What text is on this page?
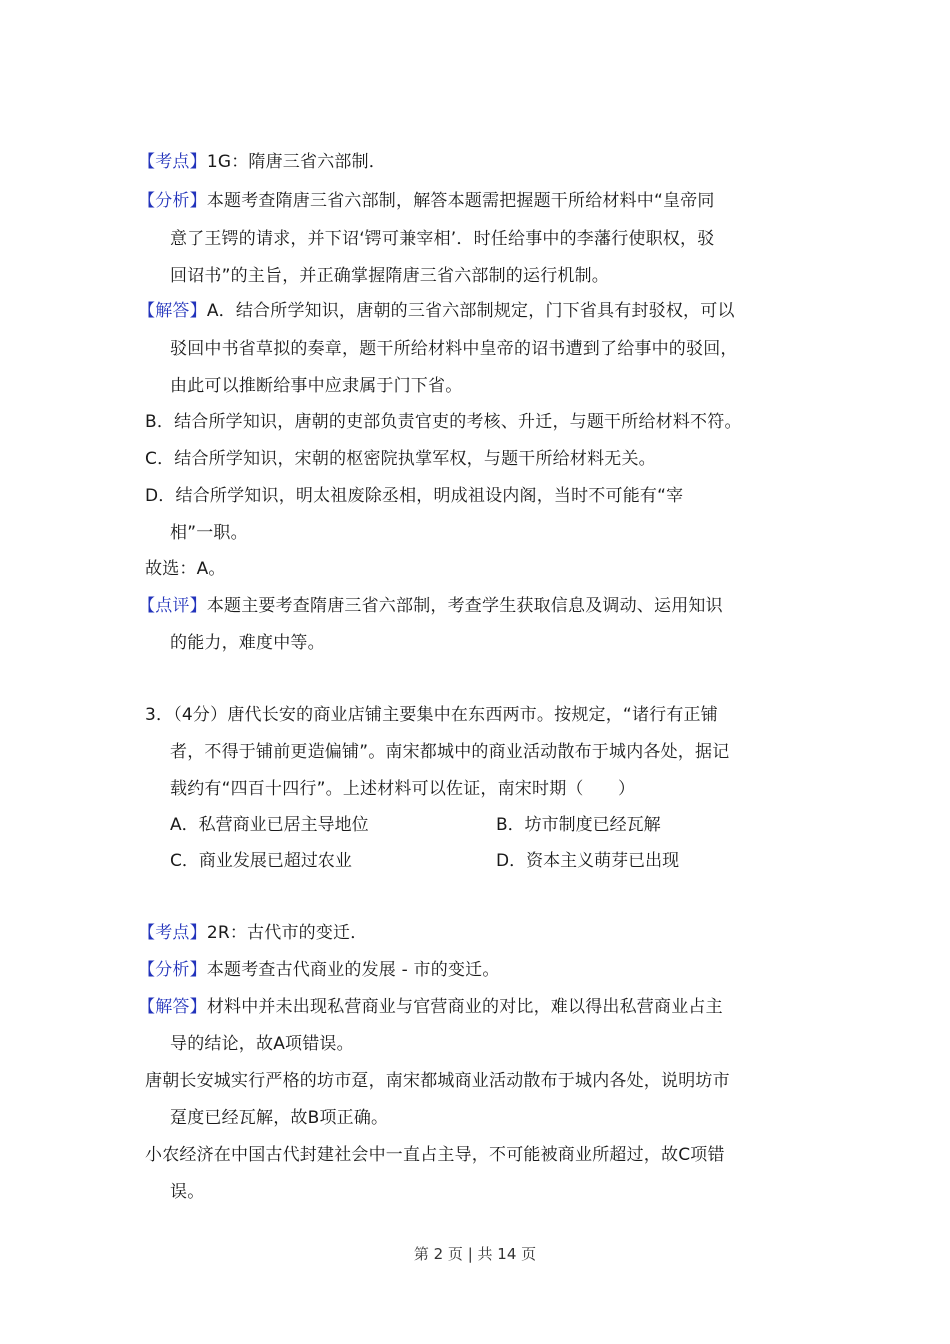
【考点】1G：隋唐三省六部制．
【分析】本题考查隋唐三省六部制，解答本题需把握题干所给材料中“皇帝同
意了王锷的请求，并下诏‘锷可兼宰相’．时任给事中的李藩行使职权，驳
回诏书”的主旨，并正确掌握隋唐三省六部制的运行机制。
【解答】A．结合所学知识，唐朝的三省六部制规定，门下省具有封驳权，可以
驳回中书省草拟的奏章，题干所给材料中皇帝的诏书遭到了给事中的驳回，
由此可以推断给事中应隶属于门下省。
B．结合所学知识，唐朝的吏部负责官吏的考核、升迁，与题干所给材料不符。
C．结合所学知识，宋朝的枢密院执掌军权，与题干所给材料无关。
D．结合所学知识，明太祖废除丞相，明成祖设内阁，当时不可能有“宰
相”一职。
故选：A。
【点评】本题主要考查隋唐三省六部制，考查学生获取信息及调动、运用知识
的能力，难度中等。
3．（4分）唐代长安的商业店铺主要集中在东西两市。按规定，“诸行有正铺
者，不得于铺前更造偏铺”。南宋都城中的商业活动散布于城内各处，据记
载约有“四百十四行”。上述材料可以佐证，南宋时期（　　）
A．私营商业已居主导地位	B．坊市制度已经瓦解
C．商业发展已超过农业	D．资本主义萌芽已出现
【考点】2R：古代市的变迁．
【分析】本题考查古代商业的发展 - 市的变迁。
【解答】材料中并未出现私营商业与官营商业的对比，难以得出私营商业占主
导的结论，故A项错误。
唐朝长安城实行严格的坊市趸，南宋都城商业活动散布于城内各处，说明坊市
趸度已经瓦解，故B项正确。
小农经济在中国古代封建社会中一直占主导，不可能被商业所超过，故C项错
误。
第 2 页 | 共 14 页
